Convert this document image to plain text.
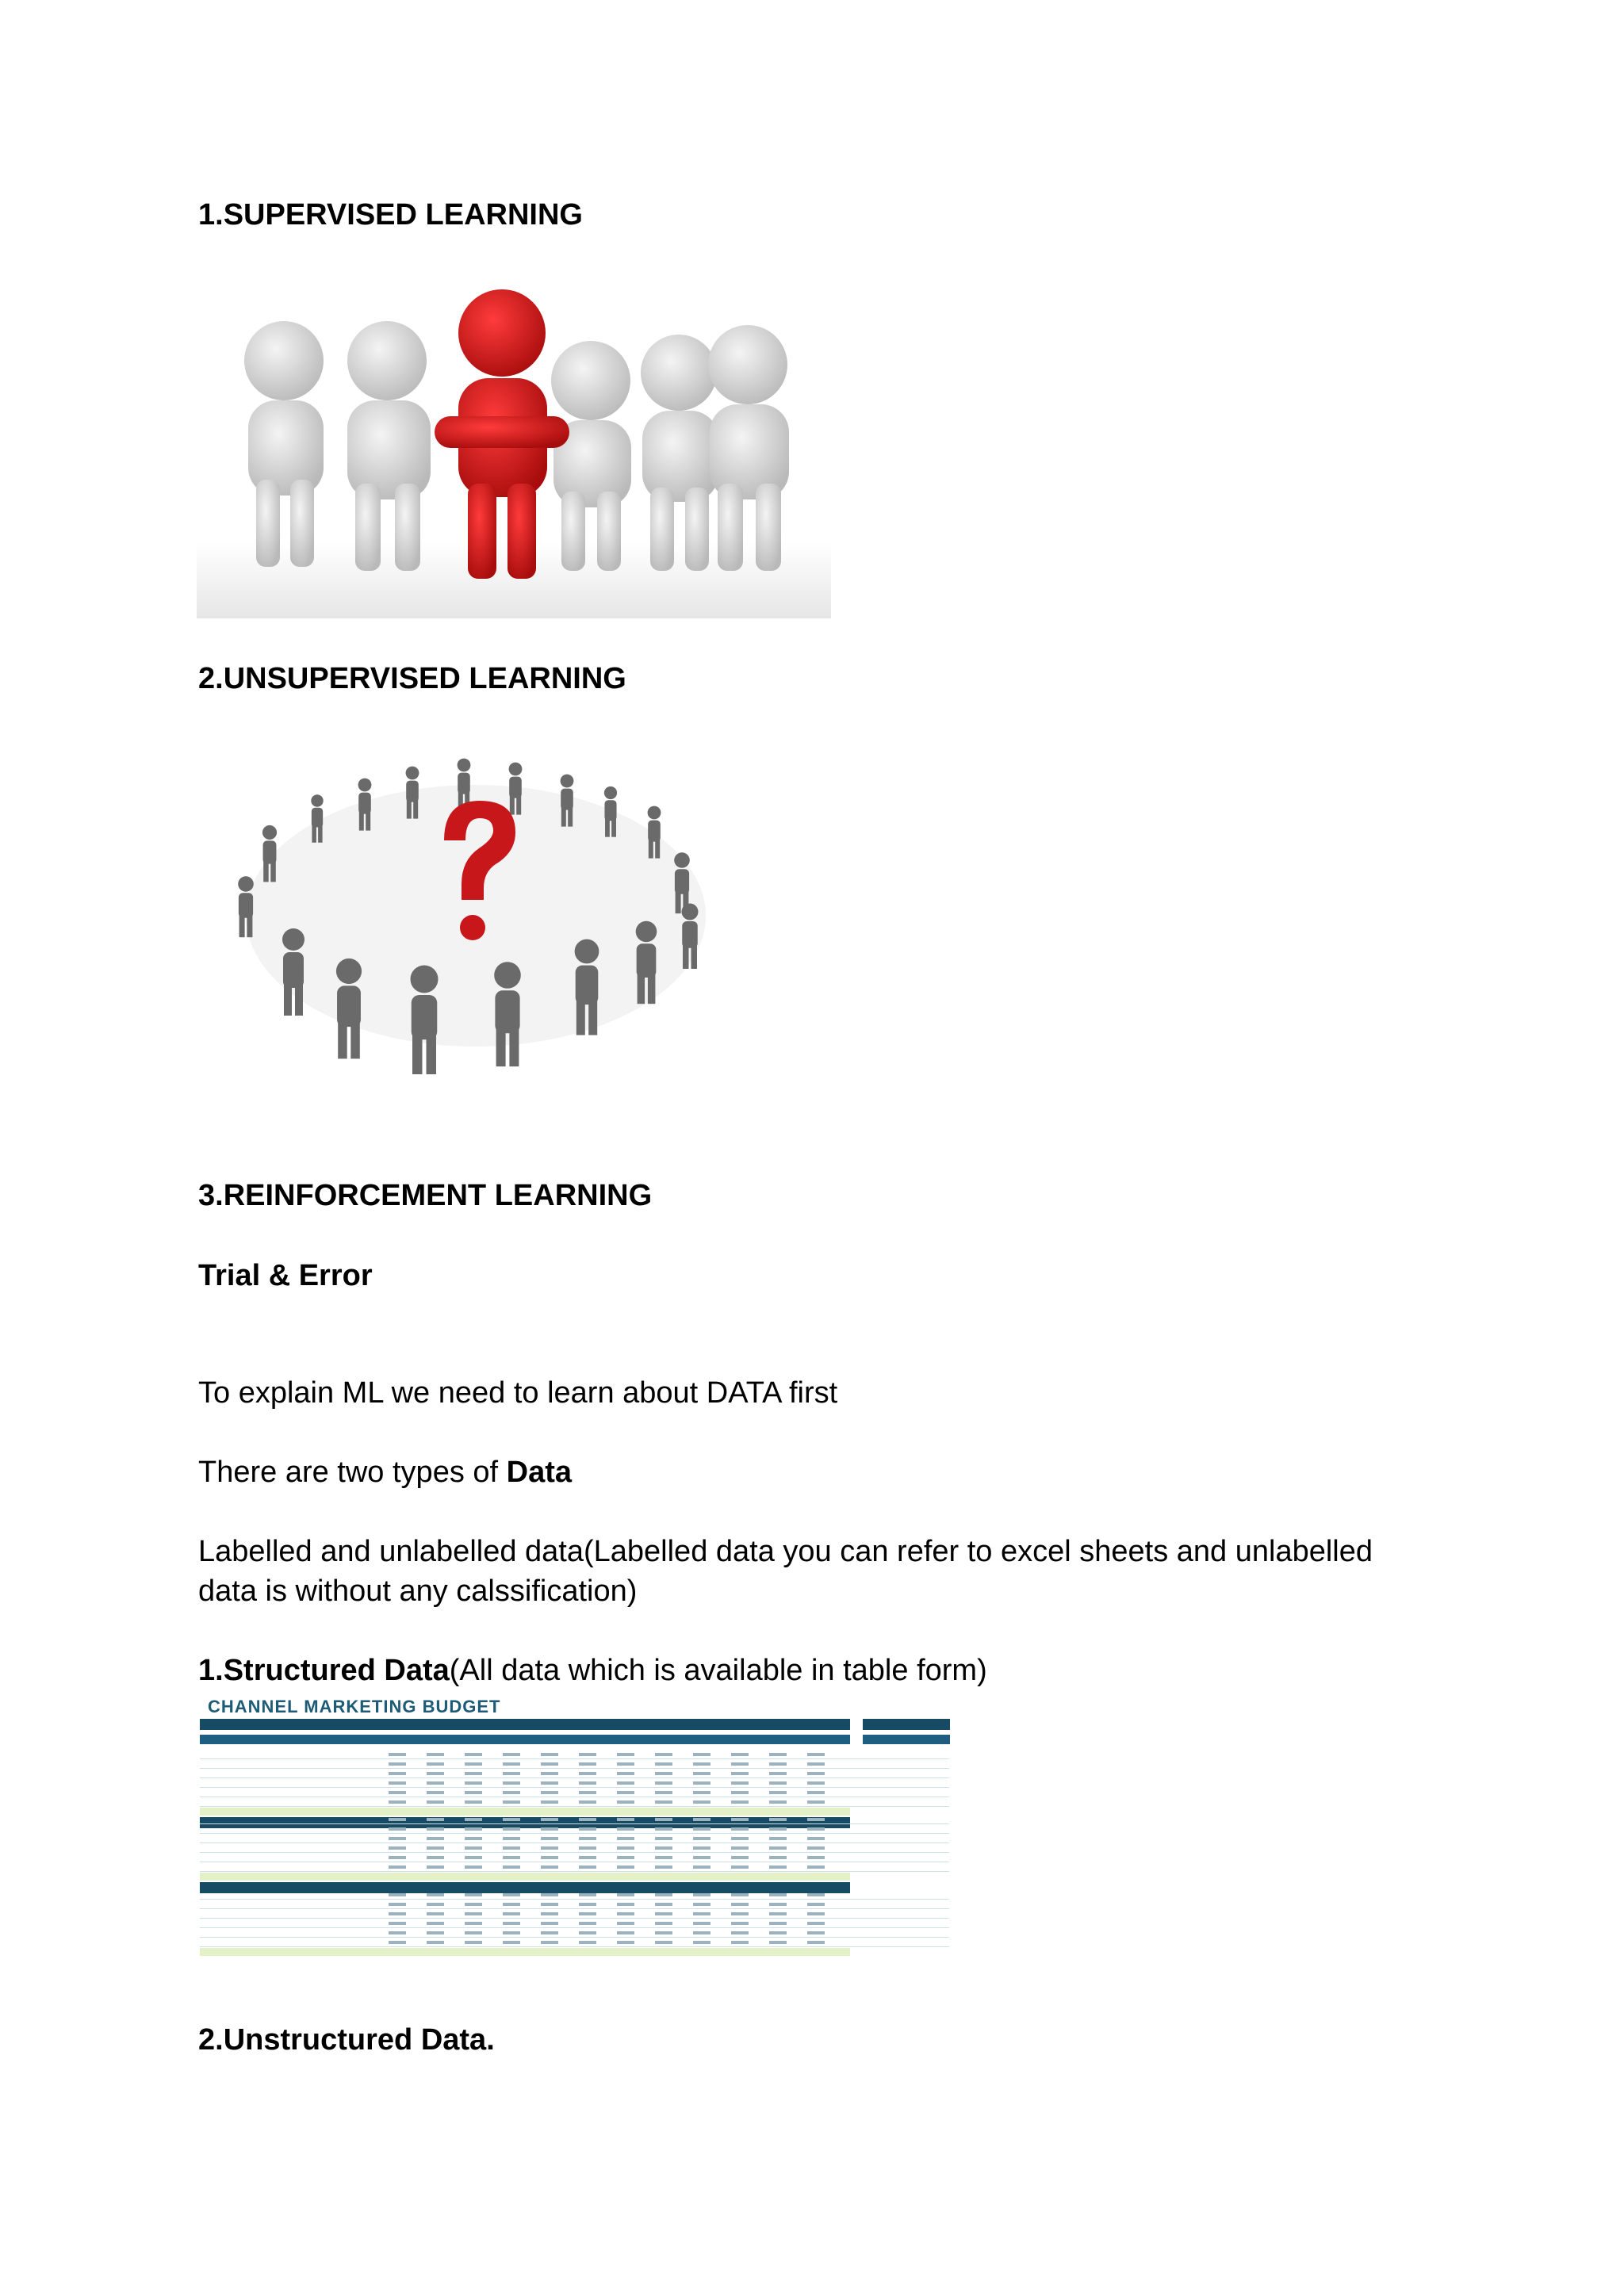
1.SUPERVISED LEARNING

2.UNSUPERVISED LEARNING

3.REINFORCEMENT LEARNING

Trial & Error

To explain ML we need to learn about DATA first

There are two types of Data

Labelled and unlabelled data(Labelled data you can refer to excel sheets and unlabelled

data is without any calssification)

1.Structured Data(All data which is available in table form)

CHANNEL MARKETING BUDGET

2.Unstructured Data.
